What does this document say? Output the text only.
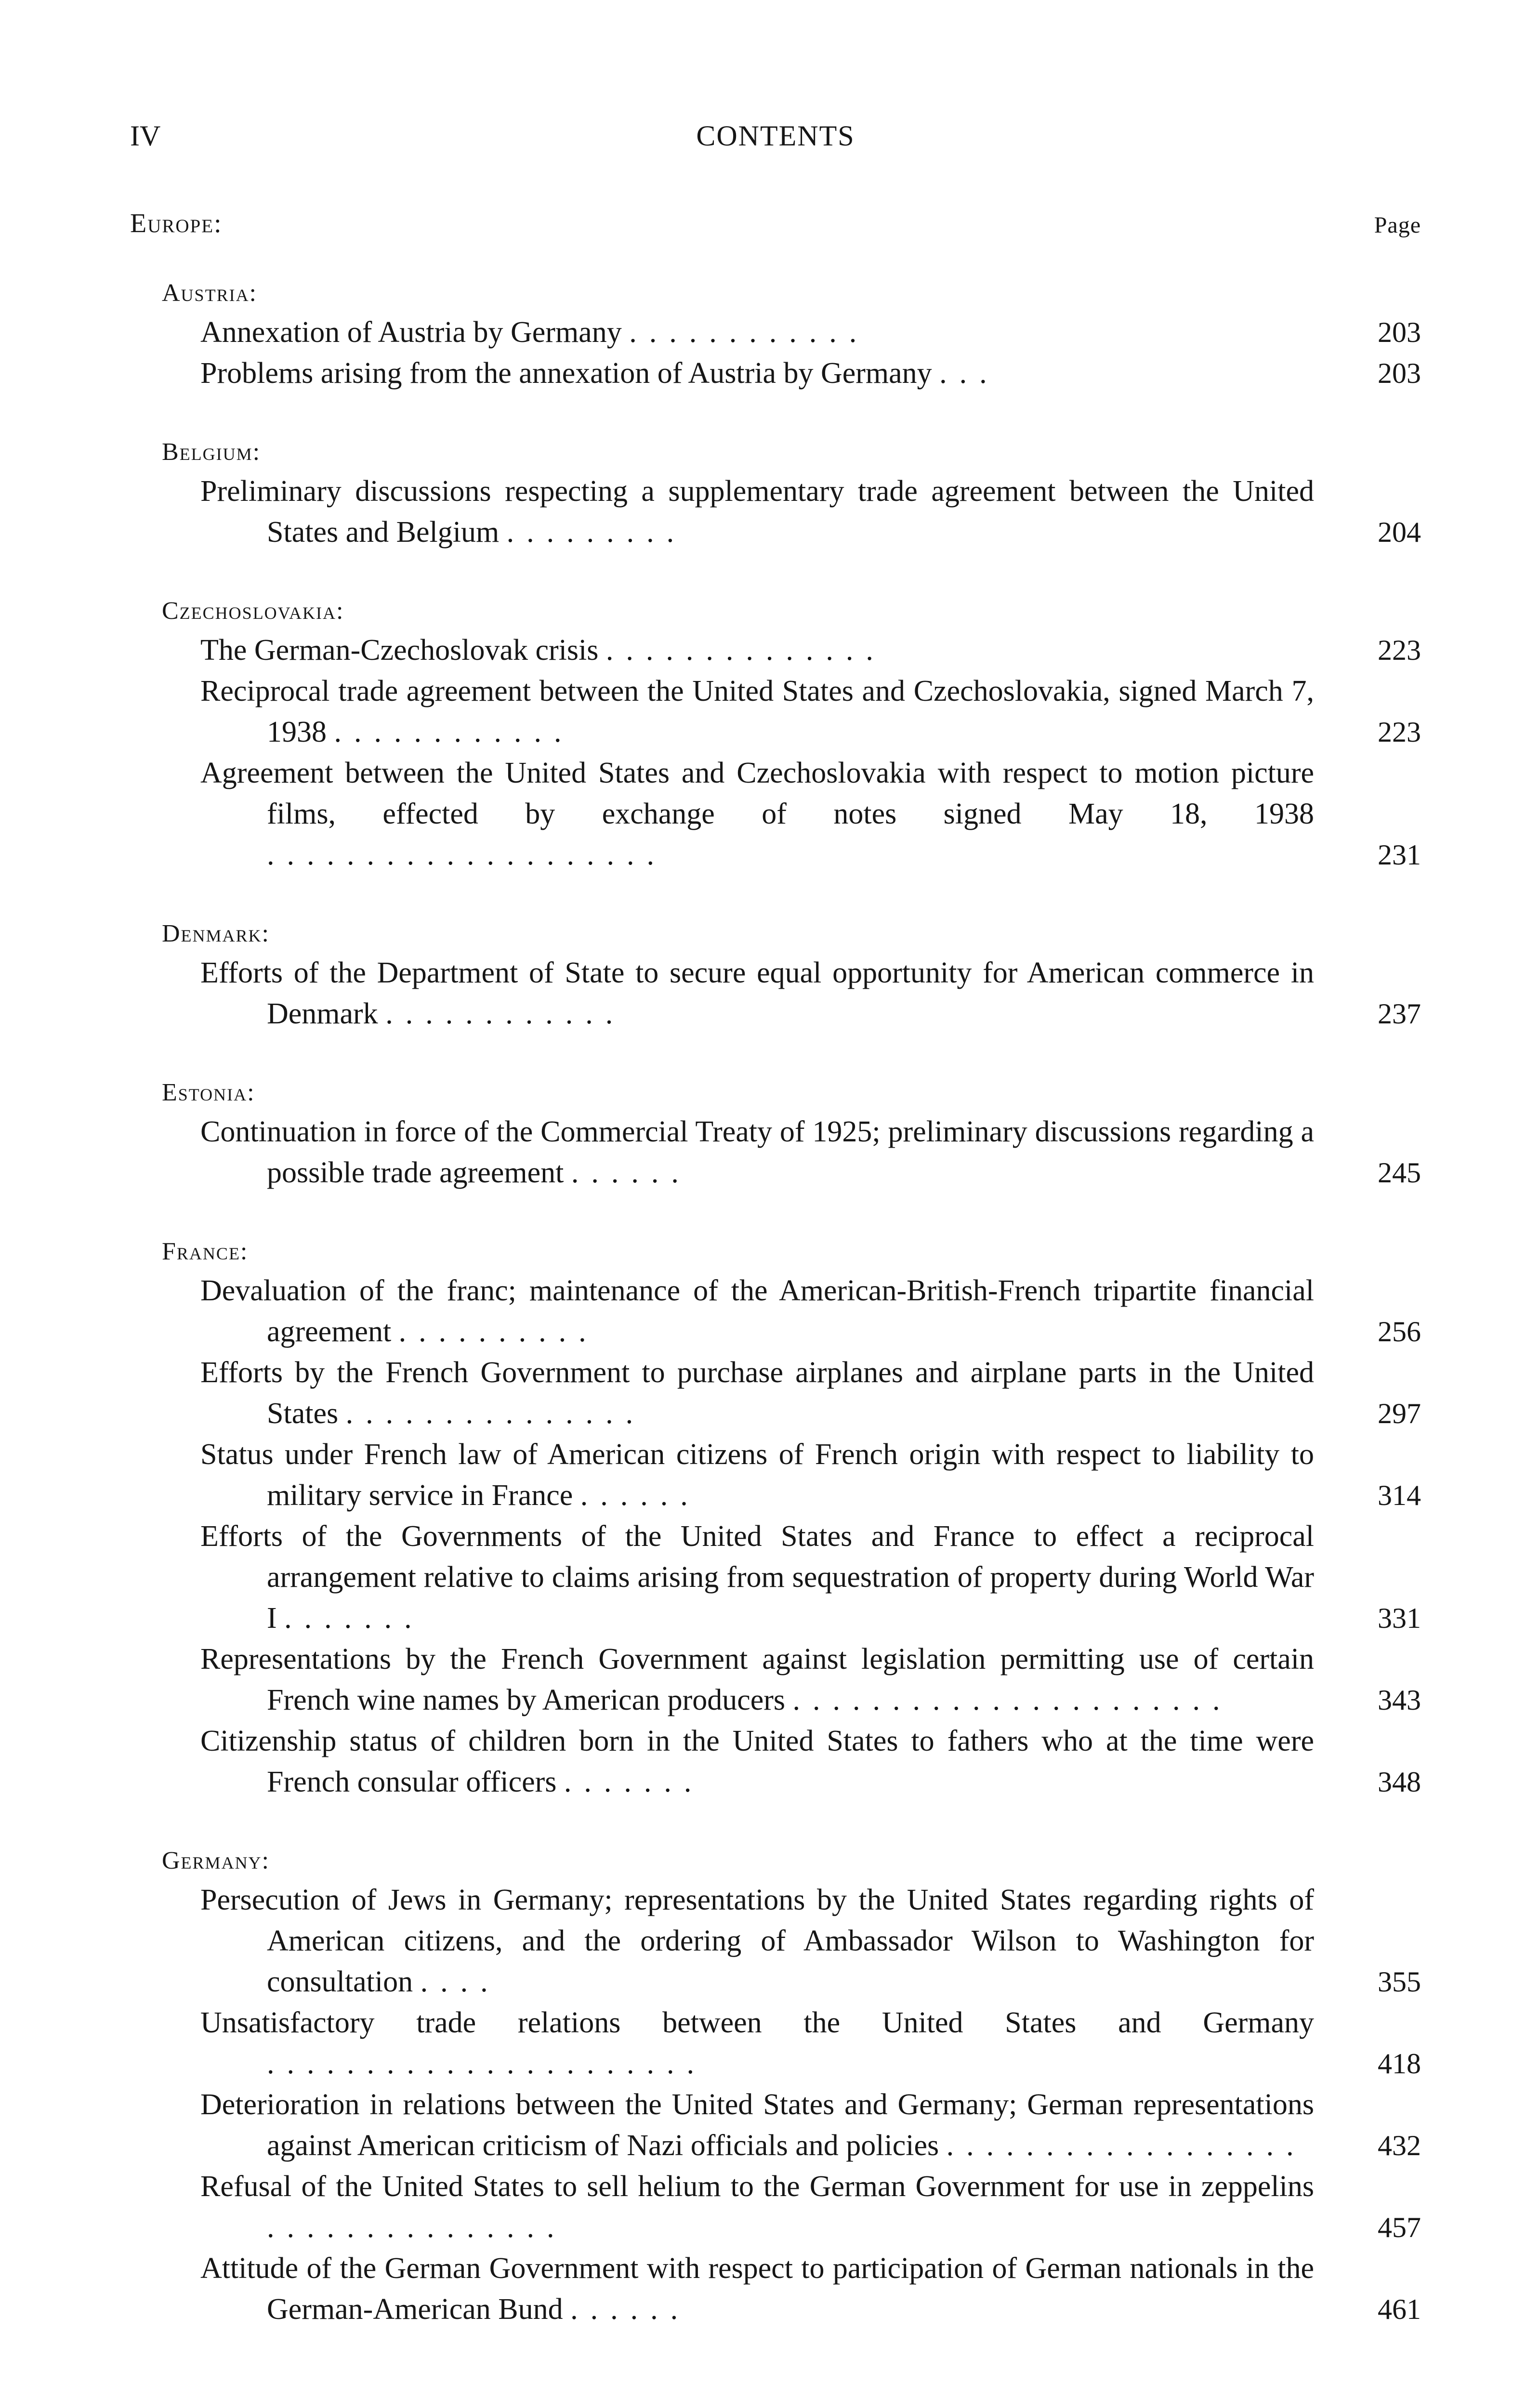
IV	CONTENTS
Europe:	Page
Austria:
Annexation of Austria by Germany ............	203
Problems arising from the annexation of Austria by Germany ...	203
Belgium:
Preliminary discussions respecting a supplementary trade agreement between the United States and Belgium .........	204
Czechoslovakia:
The German-Czechoslovak crisis ..............	223
Reciprocal trade agreement between the United States and Czechoslovakia, signed March 7, 1938 ............	223
Agreement between the United States and Czechoslovakia with respect to motion picture films, effected by exchange of notes signed May 18, 1938 ....................	231
Denmark:
Efforts of the Department of State to secure equal opportunity for American commerce in Denmark ............	237
Estonia:
Continuation in force of the Commercial Treaty of 1925; preliminary discussions regarding a possible trade agreement ......	245
France:
Devaluation of the franc; maintenance of the American-British-French tripartite financial agreement ..........	256
Efforts by the French Government to purchase airplanes and airplane parts in the United States ...............	297
Status under French law of American citizens of French origin with respect to liability to military service in France ......	314
Efforts of the Governments of the United States and France to effect a reciprocal arrangement relative to claims arising from sequestration of property during World War I .......	331
Representations by the French Government against legislation permitting use of certain French wine names by American producers ......................	343
Citizenship status of children born in the United States to fathers who at the time were French consular officers .......	348
Germany:
Persecution of Jews in Germany; representations by the United States regarding rights of American citizens, and the ordering of Ambassador Wilson to Washington for consultation ....	355
Unsatisfactory trade relations between the United States and Germany ......................	418
Deterioration in relations between the United States and Germany; German representations against American criticism of Nazi officials and policies ..................	432
Refusal of the United States to sell helium to the German Government for use in zeppelins ...............	457
Attitude of the German Government with respect to participation of German nationals in the German-American Bund ......	461
